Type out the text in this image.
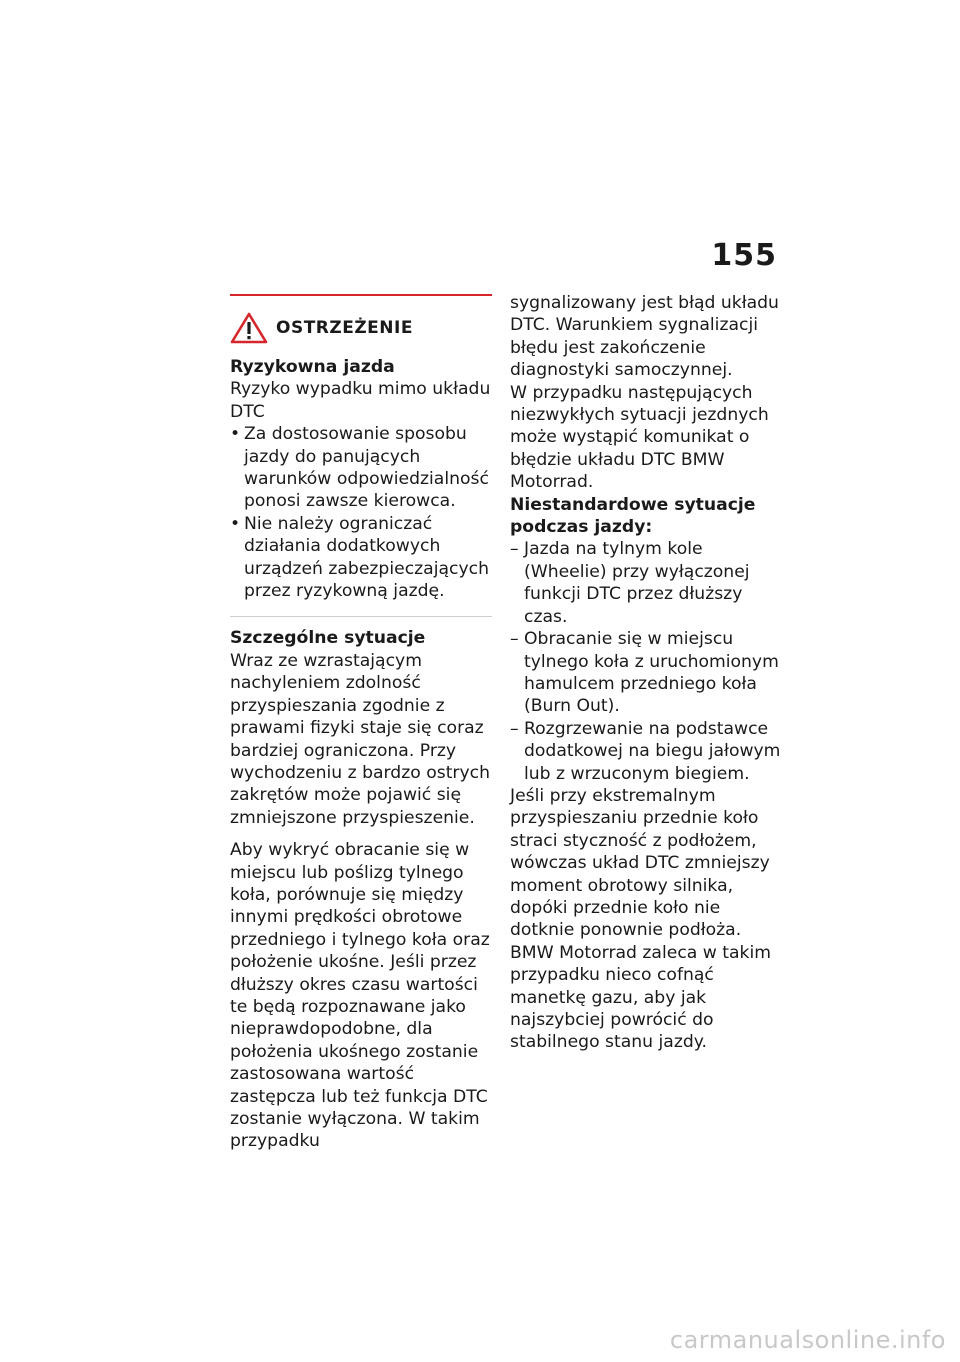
155
OSTRZEŻENIE

Ryzykowna jazda

Ryzyko wypadku mimo układu DTC

• Za dostosowanie sposobu jazdy do panujących warunków odpowiedzialność ponosi zawsze kierowca.
• Nie należy ograniczać działania dodatkowych urządzeń zabezpieczających przez ryzykowną jazdę.

Szczególne sytuacje

Wraz ze wzrastającym nachyleniem zdolność przyspieszania zgodnie z prawami fizyki staje się coraz bardziej ograniczona. Przy wychodzeniu z bardzo ostrych zakrętów może pojawić się zmniejszone przyspieszenie.

Aby wykryć obracanie się w miejscu lub poślizg tylnego koła, porównuje się między innymi prędkości obrotowe przedniego i tylnego koła oraz położenie ukośne. Jeśli przez dłuższy okres czasu wartości te będą rozpoznawane jako nieprawdopodobne, dla położenia ukośnego zostanie zastosowana wartość zastępcza lub też funkcja DTC zostanie wyłączona. W takim przypadku

sygnalizowany jest błąd układu DTC. Warunkiem sygnalizacji błędu jest zakończenie diagnostyki samoczynnej.

W przypadku następujących niezwykłych sytuacji jezdnych może wystąpić komunikat o błędzie układu DTC BMW Motorrad.

Niestandardowe sytuacje podczas jazdy:

– Jazda na tylnym kole (Wheelie) przy wyłączonej funkcji DTC przez dłuższy czas.
– Obracanie się w miejscu tylnego koła z uruchomionym hamulcem przedniego koła (Burn Out).
– Rozgrzewanie na podstawce dodatkowej na biegu jałowym lub z wrzuconym biegiem.

Jeśli przy ekstremalnym przyspieszaniu przednie koło straci styczność z podłożem, wówczas układ DTC zmniejszy moment obrotowy silnika, dopóki przednie koło nie dotknie ponownie podłoża.

BMW Motorrad zaleca w takim przypadku nieco cofnąć manetkę gazu, aby jak najszybciej powrócić do stabilnego stanu jazdy.

carmanualsonline.info
